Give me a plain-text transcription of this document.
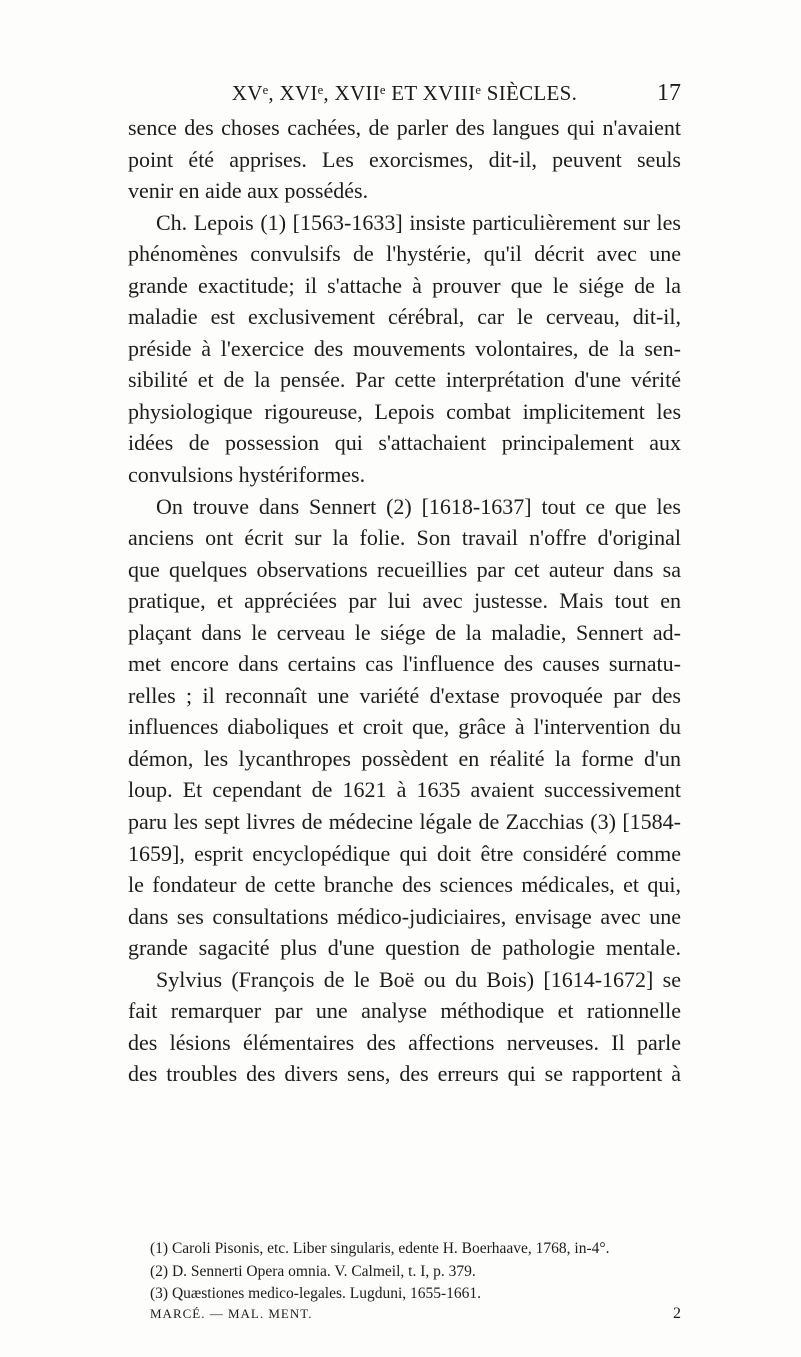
XVᵉ, XVIᵉ, XVIIᵉ ET XVIIIᵉ SIÈCLES.	17
sence des choses cachées, de parler des langues qui n'avaient
point été apprises. Les exorcismes, dit-il, peuvent seuls
venir en aide aux possédés.
Ch. Lepois (1) [1563-1633] insiste particulièrement sur les
phénomènes convulsifs de l'hystérie, qu'il décrit avec une
grande exactitude; il s'attache à prouver que le siége de la
maladie est exclusivement cérébral, car le cerveau, dit-il,
préside à l'exercice des mouvements volontaires, de la sen-
sibilité et de la pensée. Par cette interprétation d'une vérité
physiologique rigoureuse, Lepois combat implicitement les
idées de possession qui s'attachaient principalement aux
convulsions hystériformes.
On trouve dans Sennert (2) [1618-1637] tout ce que les
anciens ont écrit sur la folie. Son travail n'offre d'original
que quelques observations recueillies par cet auteur dans sa
pratique, et appréciées par lui avec justesse. Mais tout en
plaçant dans le cerveau le siége de la maladie, Sennert ad-
met encore dans certains cas l'influence des causes surnatu-
relles ; il reconnaît une variété d'extase provoquée par des
influences diaboliques et croit que, grâce à l'intervention du
démon, les lycanthropes possèdent en réalité la forme d'un
loup. Et cependant de 1621 à 1635 avaient successivement
paru les sept livres de médecine légale de Zacchias (3) [1584-
1659], esprit encyclopédique qui doit être considéré comme
le fondateur de cette branche des sciences médicales, et qui,
dans ses consultations médico-judiciaires, envisage avec une
grande sagacité plus d'une question de pathologie mentale.
Sylvius (François de le Boë ou du Bois) [1614-1672] se
fait remarquer par une analyse méthodique et rationnelle
des lésions élémentaires des affections nerveuses. Il parle
des troubles des divers sens, des erreurs qui se rapportent à
(1) Caroli Pisonis, etc. Liber singularis, edente H. Boerhaave, 1768, in-4°.
(2) D. Sennerti Opera omnia. V. Calmeil, t. I, p. 379.
(3) Quæstiones medico-legales. Lugduni, 1655-1661.
MARCÉ. — MAL. MENT.	2
